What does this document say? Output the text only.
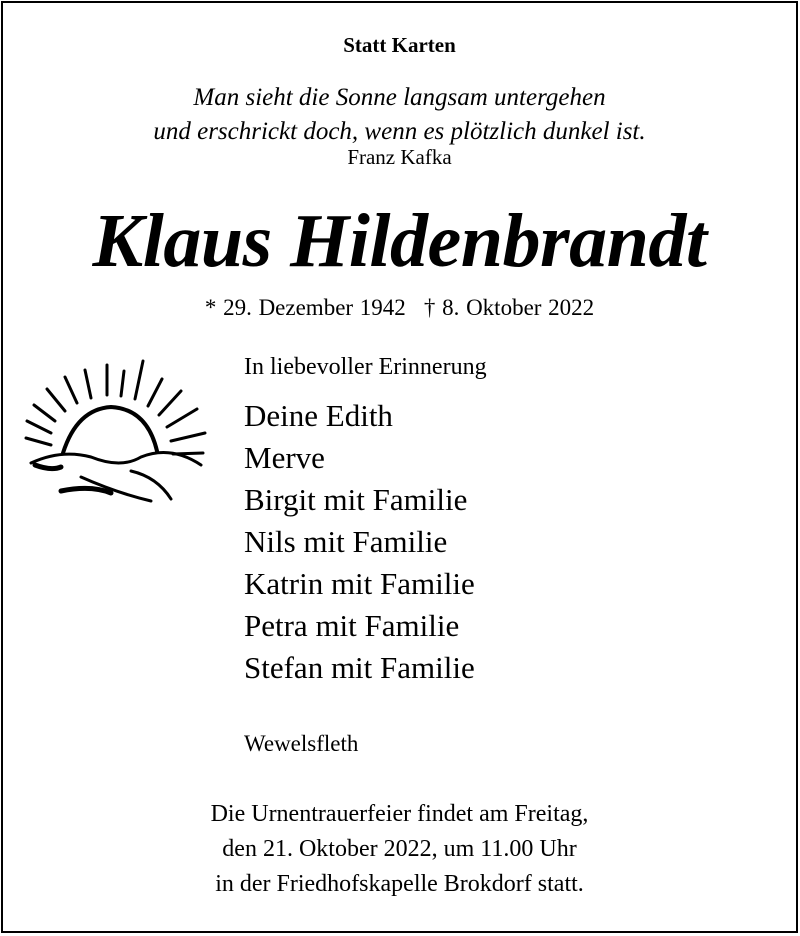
Statt Karten
Man sieht die Sonne langsam untergehen
und erschrickt doch, wenn es plötzlich dunkel ist.
Franz Kafka
Klaus Hildenbrandt
* 29. Dezember 1942 † 8. Oktober 2022
In liebevoller Erinnerung
Deine Edith
Merve
Birgit mit Familie
Nils mit Familie
Katrin mit Familie
Petra mit Familie
Stefan mit Familie
Wewelsfleth
Die Urnentrauerfeier findet am Freitag,
den 21. Oktober 2022, um 11.00 Uhr
in der Friedhofskapelle Brokdorf statt.
